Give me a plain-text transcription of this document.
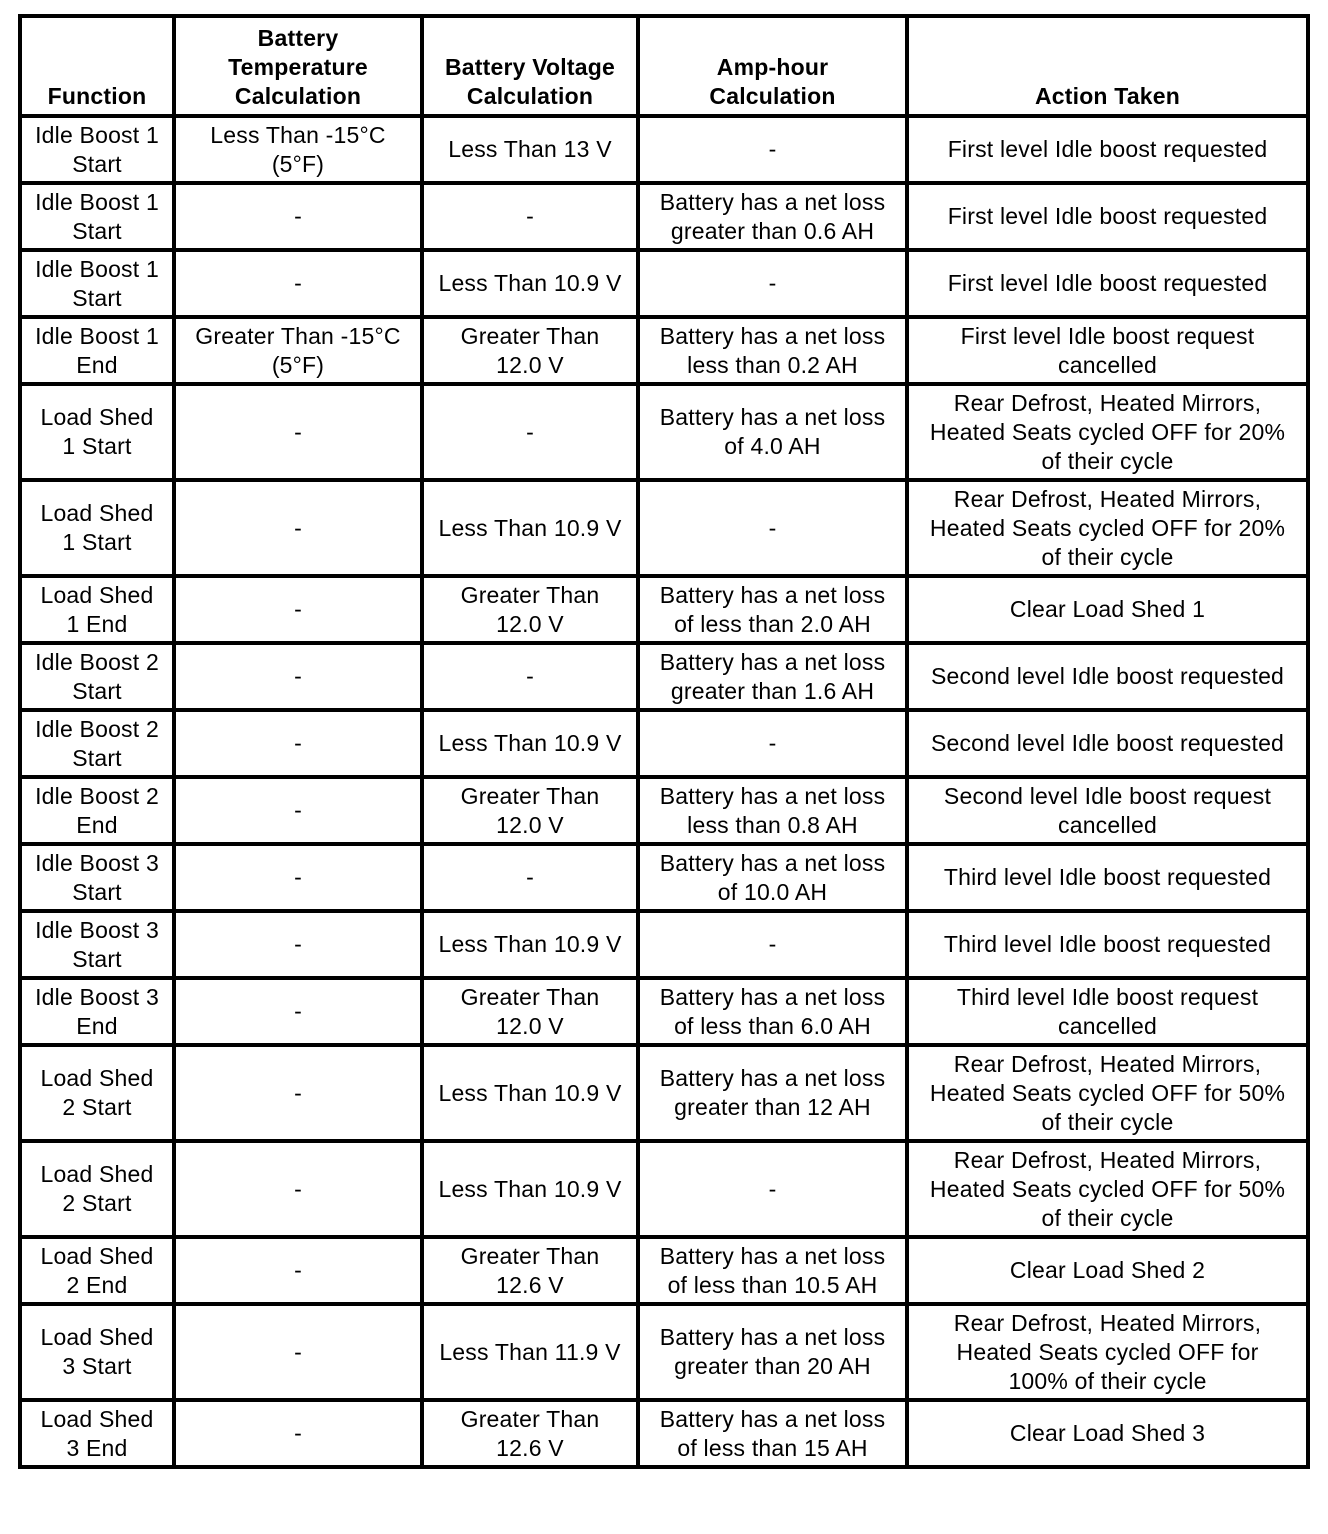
Function	Battery
Temperature
Calculation	Battery Voltage
Calculation	Amp-hour
Calculation	Action Taken

Idle Boost 1
Start	Less Than -15°C
(5°F)	Less Than 13 V	-	First level Idle boost requested

Idle Boost 1
Start	-	-	Battery has a net loss
greater than 0.6 AH	First level Idle boost requested

Idle Boost 1
Start	-	Less Than 10.9 V	-	First level Idle boost requested

Idle Boost 1
End	Greater Than -15°C
(5°F)	Greater Than
12.0 V	Battery has a net loss
less than 0.2 AH	First level Idle boost request
cancelled

Load Shed
1 Start	-	-	Battery has a net loss
of 4.0 AH	Rear Defrost, Heated Mirrors,
Heated Seats cycled OFF for 20%
of their cycle

Load Shed
1 Start	-	Less Than 10.9 V	-	Rear Defrost, Heated Mirrors,
Heated Seats cycled OFF for 20%
of their cycle

Load Shed
1 End	-	Greater Than
12.0 V	Battery has a net loss
of less than 2.0 AH	Clear Load Shed 1

Idle Boost 2
Start	-	-	Battery has a net loss
greater than 1.6 AH	Second level Idle boost requested

Idle Boost 2
Start	-	Less Than 10.9 V	-	Second level Idle boost requested

Idle Boost 2
End	-	Greater Than
12.0 V	Battery has a net loss
less than 0.8 AH	Second level Idle boost request
cancelled

Idle Boost 3
Start	-	-	Battery has a net loss
of 10.0 AH	Third level Idle boost requested

Idle Boost 3
Start	-	Less Than 10.9 V	-	Third level Idle boost requested

Idle Boost 3
End	-	Greater Than
12.0 V	Battery has a net loss
of less than 6.0 AH	Third level Idle boost request
cancelled

Load Shed
2 Start	-	Less Than 10.9 V	Battery has a net loss
greater than 12 AH	Rear Defrost, Heated Mirrors,
Heated Seats cycled OFF for 50%
of their cycle

Load Shed
2 Start	-	Less Than 10.9 V	-	Rear Defrost, Heated Mirrors,
Heated Seats cycled OFF for 50%
of their cycle

Load Shed
2 End	-	Greater Than
12.6 V	Battery has a net loss
of less than 10.5 AH	Clear Load Shed 2

Load Shed
3 Start	-	Less Than 11.9 V	Battery has a net loss
greater than 20 AH	Rear Defrost, Heated Mirrors,
Heated Seats cycled OFF for
100% of their cycle

Load Shed
3 End	-	Greater Than
12.6 V	Battery has a net loss
of less than 15 AH	Clear Load Shed 3
